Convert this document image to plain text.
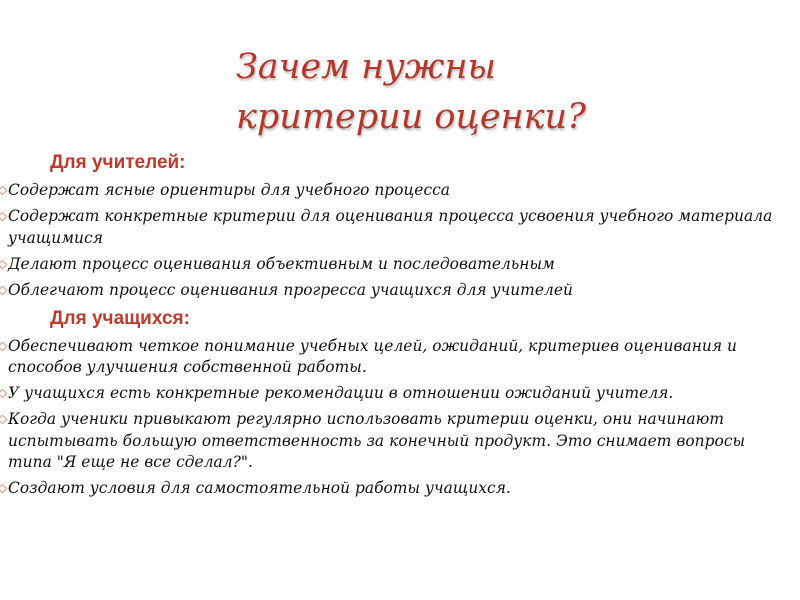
Зачем нужны
критерии оценки?
Для учителей:
Содержат ясные ориентиры для учебного процесса
Содержат конкретные критерии для оценивания процесса усвоения учебного материала учащимися
Делают процесс оценивания объективным и последовательным
Облегчают процесс оценивания прогресса учащихся для учителей
Для учащихся:
Обеспечивают четкое понимание учебных целей, ожиданий, критериев оценивания и способов улучшения собственной работы.
У учащихся есть конкретные рекомендации в отношении ожиданий учителя.
Когда ученики привыкают регулярно использовать критерии оценки, они начинают испытывать большую ответственность за конечный продукт. Это снимает вопросы типа "Я еще не все сделал?".
Создают условия для самостоятельной работы учащихся.
